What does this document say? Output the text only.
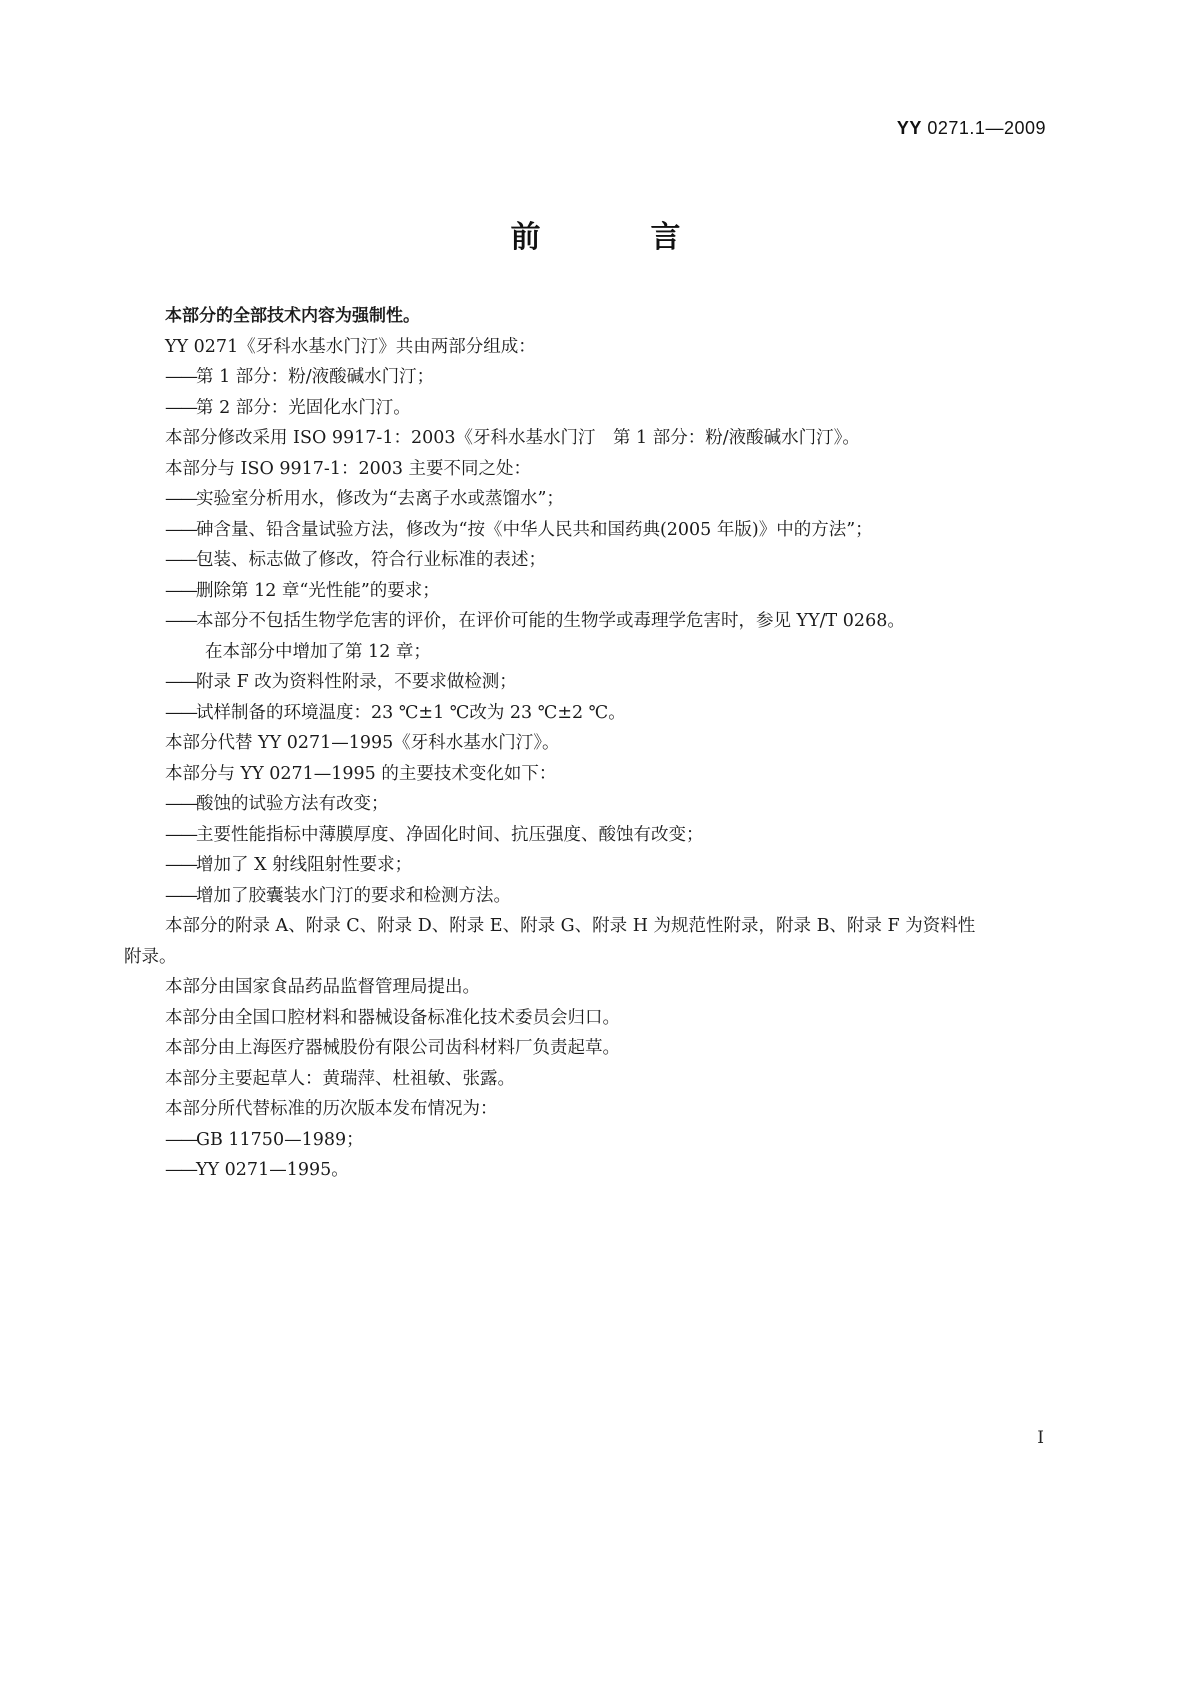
YY 0271.1—2009
前　言
本部分的全部技术内容为强制性。
YY 0271《牙科水基水门汀》共由两部分组成：
——第 1 部分：粉/液酸碱水门汀；
——第 2 部分：光固化水门汀。
本部分修改采用 ISO 9917-1：2003《牙科水基水门汀　第 1 部分：粉/液酸碱水门汀》。
本部分与 ISO 9917-1：2003 主要不同之处：
——实验室分析用水，修改为“去离子水或蒸馏水”；
——砷含量、铅含量试验方法，修改为“按《中华人民共和国药典(2005 年版)》中的方法”；
——包装、标志做了修改，符合行业标准的表述；
——删除第 12 章“光性能”的要求；
——本部分不包括生物学危害的评价，在评价可能的生物学或毒理学危害时，参见 YY/T 0268。
在本部分中增加了第 12 章；
——附录 F 改为资料性附录，不要求做检测；
——试样制备的环境温度：23 ℃±1 ℃改为 23 ℃±2 ℃。
本部分代替 YY 0271—1995《牙科水基水门汀》。
本部分与 YY 0271—1995 的主要技术变化如下：
——酸蚀的试验方法有改变；
——主要性能指标中薄膜厚度、净固化时间、抗压强度、酸蚀有改变；
——增加了 X 射线阻射性要求；
——增加了胶囊装水门汀的要求和检测方法。
本部分的附录 A、附录 C、附录 D、附录 E、附录 G、附录 H 为规范性附录，附录 B、附录 F 为资料性
附录。
本部分由国家食品药品监督管理局提出。
本部分由全国口腔材料和器械设备标准化技术委员会归口。
本部分由上海医疗器械股份有限公司齿科材料厂负责起草。
本部分主要起草人：黄瑞萍、杜祖敏、张露。
本部分所代替标准的历次版本发布情况为：
——GB 11750—1989；
——YY 0271—1995。
I
